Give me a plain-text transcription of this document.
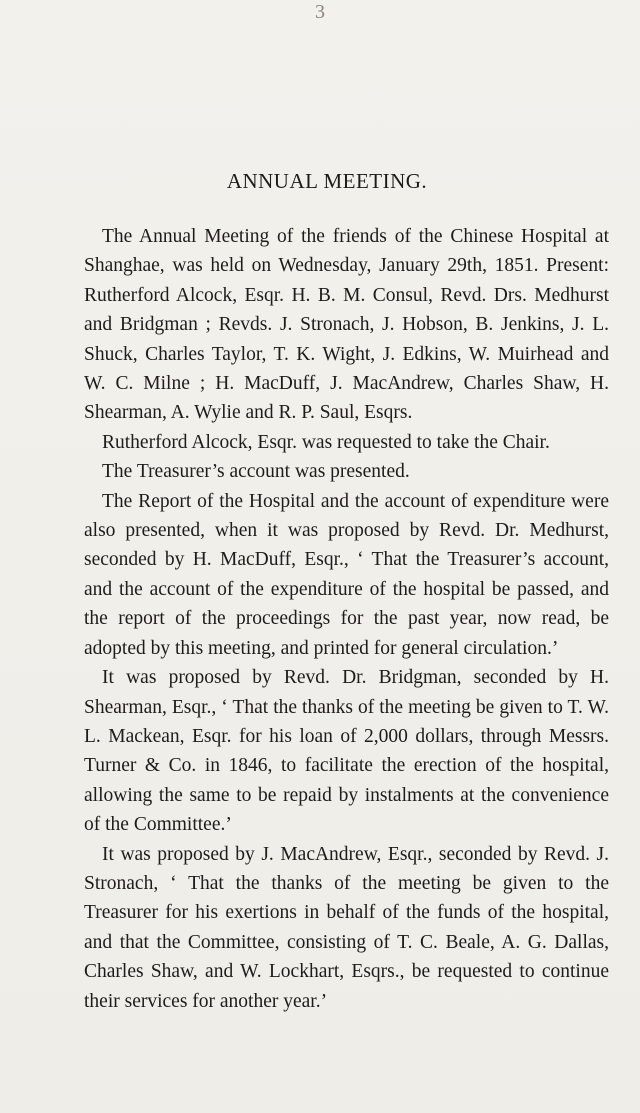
3
ANNUAL MEETING.

The Annual Meeting of the friends of the Chinese Hospital at Shanghae, was held on Wednesday, January 29th, 1851. Present: Rutherford Alcock, Esqr. H. B. M. Consul, Revd. Drs. Medhurst and Bridgman ; Revds. J. Stronach, J. Hobson, B. Jenkins, J. L. Shuck, Charles Taylor, T. K. Wight, J. Edkins, W. Muirhead and W. C. Milne ; H. MacDuff, J. MacAndrew, Charles Shaw, H. Shearman, A. Wylie and R. P. Saul, Esqrs.

Rutherford Alcock, Esqr. was requested to take the Chair.

The Treasurer’s account was presented.

The Report of the Hospital and the account of expenditure were also presented, when it was proposed by Revd. Dr. Medhurst, seconded by H. MacDuff, Esqr., ‘ That the Treasurer’s account, and the account of the expenditure of the hospital be passed, and the report of the proceedings for the past year, now read, be adopted by this meeting, and printed for general circulation.’

It was proposed by Revd. Dr. Bridgman, seconded by H. Shearman, Esqr., ‘ That the thanks of the meeting be given to T. W. L. Mackean, Esqr. for his loan of 2,000 dollars, through Messrs. Turner & Co. in 1846, to facilitate the erection of the hospital, allowing the same to be repaid by instalments at the convenience of the Committee.’

It was proposed by J. MacAndrew, Esqr., seconded by Revd. J. Stronach, ‘ That the thanks of the meeting be given to the Treasurer for his exertions in behalf of the funds of the hospital, and that the Committee, consisting of T. C. Beale, A. G. Dallas, Charles Shaw, and W. Lockhart, Esqrs., be requested to continue their services for another year.’
